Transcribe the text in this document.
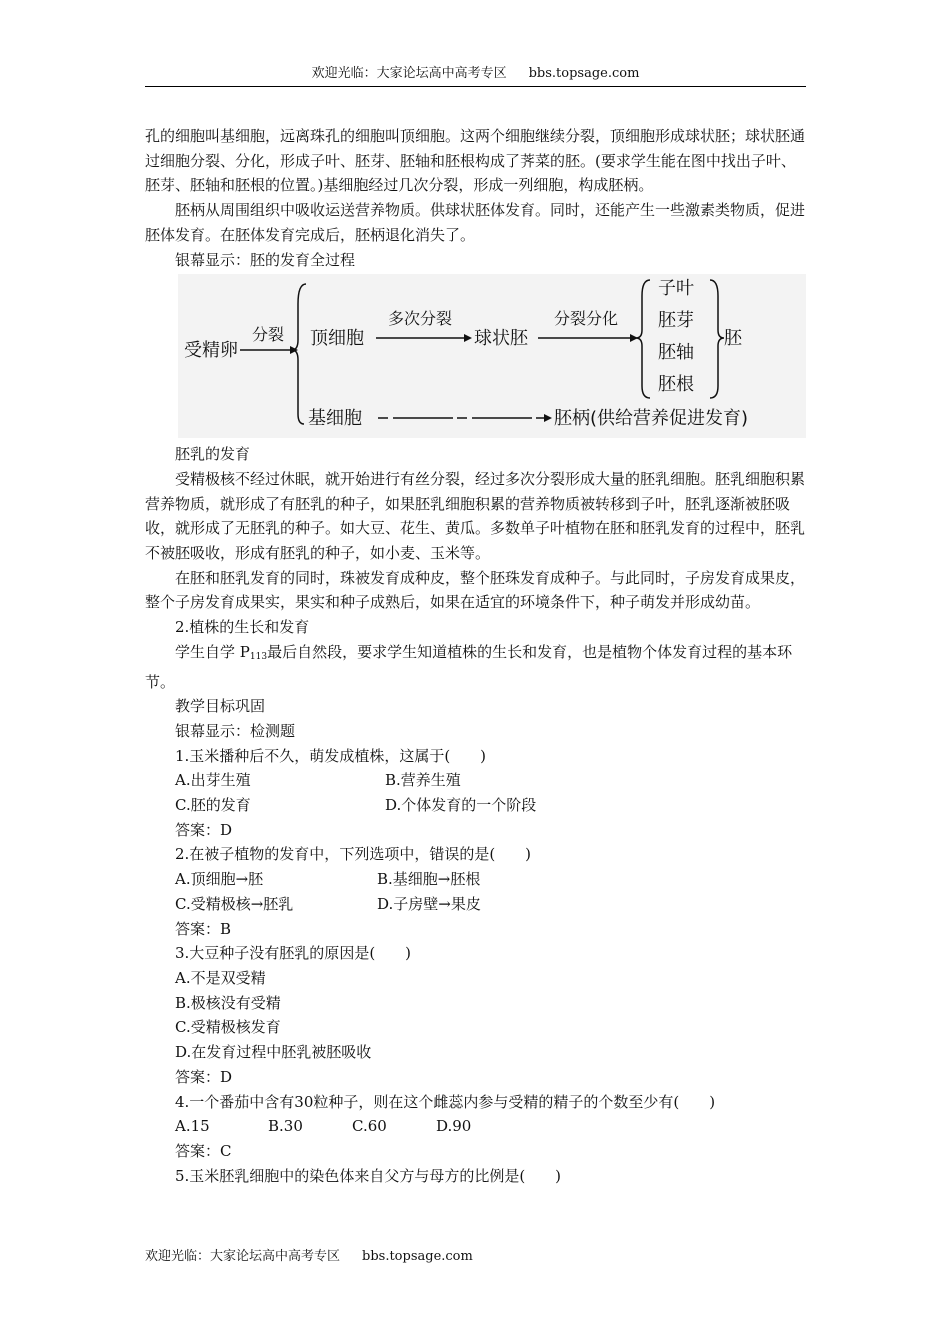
欢迎光临：大家论坛高中高考专区 bbs.topsage.com

孔的细胞叫基细胞，远离珠孔的细胞叫顶细胞。这两个细胞继续分裂，顶细胞形成球状胚；球状胚通过细胞分裂、分化，形成子叶、胚芽、胚轴和胚根构成了荠菜的胚。(要求学生能在图中找出子叶、胚芽、胚轴和胚根的位置。)基细胞经过几次分裂，形成一列细胞，构成胚柄。

胚柄从周围组织中吸收运送营养物质。供球状胚体发育。同时，还能产生一些激素类物质，促进胚体发育。在胚体发育完成后，胚柄退化消失了。

银幕显示：胚的发育全过程

受精卵
分裂 顶细胞
多次分裂
球状胚
分裂分化
子叶
胚芽
胚轴
胚根
胚
基细胞	胚柄(供给营养促进发育)

胚乳的发育

受精极核不经过休眠，就开始进行有丝分裂，经过多次分裂形成大量的胚乳细胞。胚乳细胞积累营养物质，就形成了有胚乳的种子，如果胚乳细胞积累的营养物质被转移到子叶，胚乳逐渐被胚吸收，就形成了无胚乳的种子。如大豆、花生、黄瓜。多数单子叶植物在胚和胚乳发育的过程中，胚乳不被胚吸收，形成有胚乳的种子，如小麦、玉米等。

在胚和胚乳发育的同时，珠被发育成种皮，整个胚珠发育成种子。与此同时，子房发育成果皮，整个子房发育成果实，果实和种子成熟后，如果在适宜的环境条件下，种子萌发并形成幼苗。

2.植株的生长和发育

学生自学 $P_{113}$最后自然段，要求学生知道植株的生长和发育，也是植物个体发育过程的基本环节。

教学目标巩固

银幕显示：检测题

1.玉米播种后不久，萌发成植株，这属于(　　)

A.出芽生殖	B.营养生殖
C.胚的发育	D.个体发育的一个阶段

答案：D

2.在被子植物的发育中，下列选项中，错误的是(　　)

A.顶细胞→胚	B.基细胞→胚根
C.受精极核→胚乳	D.子房壁→果皮

答案：B

3.大豆种子没有胚乳的原因是(　　)

A.不是双受精

B.极核没有受精

C.受精极核发育

D.在发育过程中胚乳被胚吸收

答案：D

4.一个番茄中含有30粒种子，则在这个雌蕊内参与受精的精子的个数至少有(　　)

A.15	B.30	C.60	D.90

答案：C

5.玉米胚乳细胞中的染色体来自父方与母方的比例是(　　)

欢迎光临：大家论坛高中高考专区 bbs.topsage.com
